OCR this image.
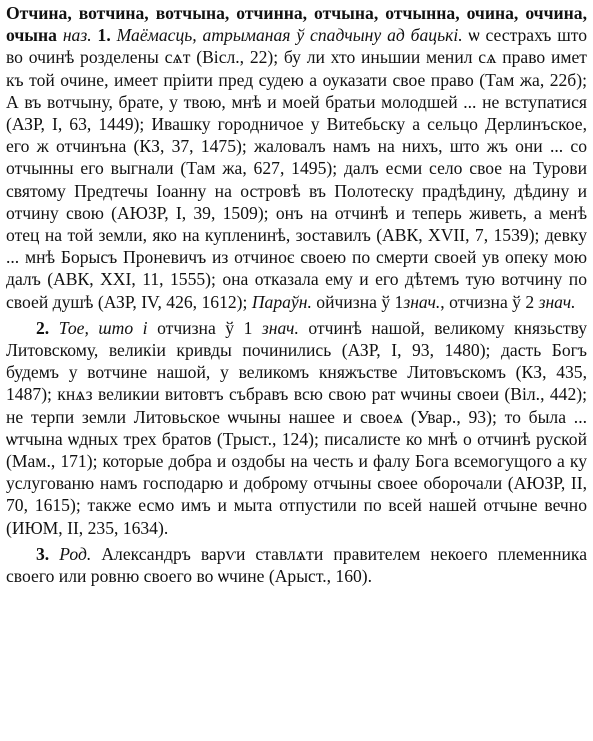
Отчина, вотчина, вотчына, отчинна, отчына, отчынна, очина, оччина, очына наз. 1. Маёмасць, атрыманая ў спадчыну ад бацькі. ѡ сестрахъ што во очинѣ розделены сѧт (Вісл., 22); бу ли хто иньшии менил сѧ право имет къ той очине, имеет прiити пред судею а оуказати свое право (Там жа, 22б); А въ вотчыну, брате, у твою, мнѣ и моей братьи молодшей ... не вступатися (АЗР, I, 63, 1449); Ивашку городничое у Витебьску а сельцо Дерлинъское, его ж отчинъна (КЗ, 37, 1475); жаловалъ намъ на нихъ, што жъ они ... со отчынны его выгнали (Там жа, 627, 1495); далъ есми село свое на Турови святому Предтечы Iоанну на островѣ въ Полотеску прадѣдину, дѣдину и отчину свою (АЮЗР, I, 39, 1509); онъ на отчинѣ и теперь живеть, а менѣ отец на той земли, яко на купленинѣ, зоставилъ (АВК, XVII, 7, 1539); девку ... мнѣ Борысъ Проневичъ из отчиноє своею по смерти своей ув опеку мою далъ (АВК, XXI, 11, 1555); она отказала ему и его дѣтемъ тую вотчину по своей душѣ (АЗР, IV, 426, 1612); Параўн. ойчизна ў 1знач., отчизна ў 2 знач.

2. Тое, што і отчизна ў 1 знач. отчинѣ нашой, великому князьству Литовскому, великiи кривды починились (АЗР, I, 93, 1480); дасть Богъ будемъ у вотчине нашой, у великомъ княжъстве Литовъскомъ (КЗ, 435, 1487); кнѧз великии витовтъ събравъ всю свою рат ѡчины своеи (Віл., 442); не терпи земли Литовьское ѡчыны нашее и своеѧ (Увар., 93); то была ... ѡтчына ѡдных трех братов (Трыст., 124); писалисте ко мнѣ о отчинѣ руской (Мам., 171); которые добра и оздобы на честь и фалу Бога всемогущого а ку услугованю намъ господарю и доброму отчыны своее оборочали (АЮЗР, II, 70, 1615); также есмо имъ и мыта отпустили по всей нашей отчыне вечно (ИЮМ, II, 235, 1634).

3. Род. Александръ варѵи ставлѧти правителем некоего племенника своего или ровню своего во ѡчине (Арыст., 160).
